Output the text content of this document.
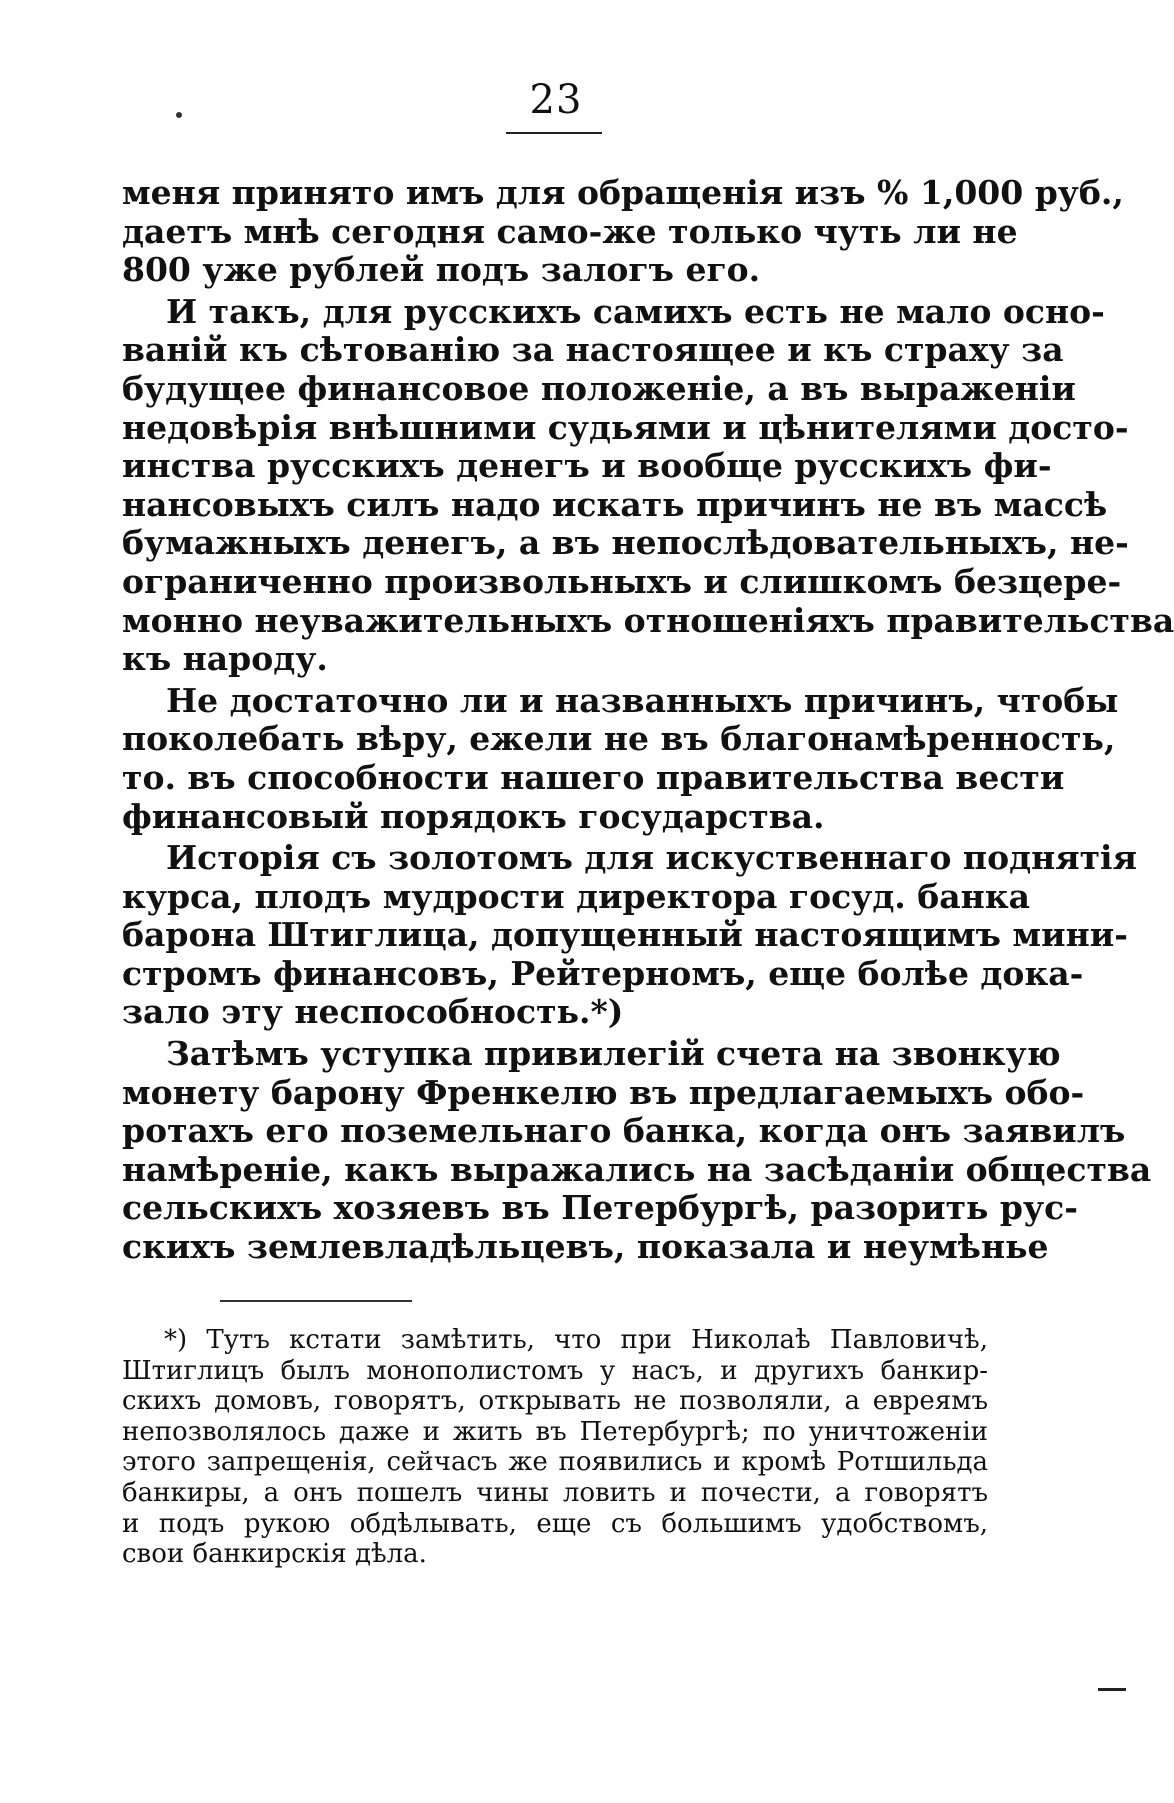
23
меня принято имъ для обращенія изъ % 1,000 руб.,
даетъ мнѣ сегодня само-же только чуть ли не
800 уже рублей подъ залогъ его.
И такъ, для русскихъ самихъ есть не мало осно-
ваній къ сѣтованію за настоящее и къ страху за
будущее финансовое положеніе, а въ выраженіи
недовѣрія внѣшними судьями и цѣнителями досто-
инства русскихъ денегъ и вообще русскихъ фи-
нансовыхъ силъ надо искать причинъ не въ массѣ
бумажныхъ денегъ, а въ непослѣдовательныхъ, не-
ограниченно произвольныхъ и слишкомъ безцере-
монно неуважительныхъ отношеніяхъ правительства
къ народу.
Не достаточно ли и названныхъ причинъ, чтобы
поколебать вѣру, ежели не въ благонамѣренность,
то. въ способности нашего правительства вести
финансовый порядокъ государства.
Исторія съ золотомъ для искуственнаго поднятія
курса, плодъ мудрости директора госуд. банка
барона Штиглица, допущенный настоящимъ мини-
стромъ финансовъ, Рейтерномъ, еще болѣе дока-
зало эту неспособность.*)
Затѣмъ уступка привилегій счета на звонкую
монету барону Френкелю въ предлагаемыхъ обо-
ротахъ его поземельнаго банка, когда онъ заявилъ
намѣреніе, какъ выражались на засѣданіи общества
сельскихъ хозяевъ въ Петербургѣ, разорить рус-
скихъ землевладѣльцевъ, показала и неумѣнье
*) Тутъ кстати замѣтить, что при Николаѣ Павловичѣ,
Штиглицъ былъ монополистомъ у насъ, и другихъ банкир-
скихъ домовъ, говорятъ, открывать не позволяли, а евреямъ
непозволялось даже и жить въ Петербургѣ; по уничтоженіи
этого запрещенія, сейчасъ же появились и кромѣ Ротшильда
банкиры, а онъ пошелъ чины ловить и почести, а говорятъ
и подъ рукою обдѣлывать, еще съ большимъ удобствомъ,
свои банкирскія дѣла.
